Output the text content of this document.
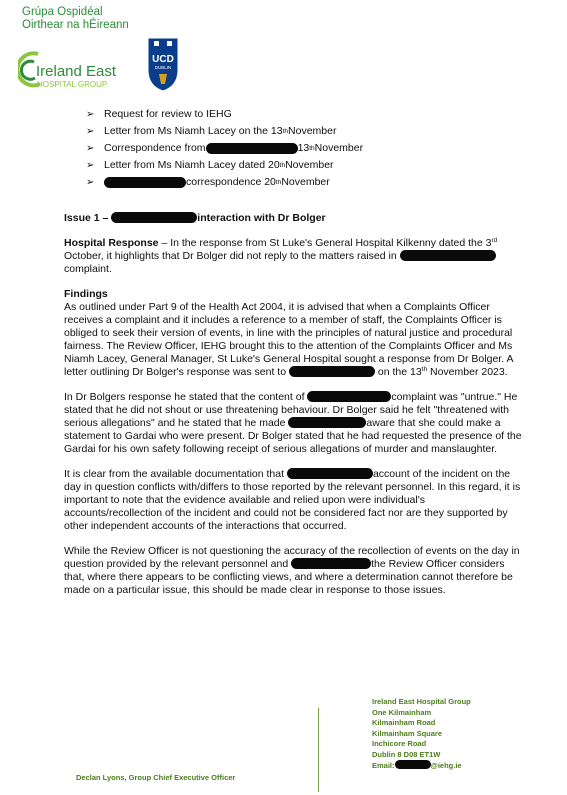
Grúpa Ospidéal
Oirthear na hÉireann
Ireland East
HOSPITAL GROUP
UCD
DUBLIN
➢ Request for review to IEHG
➢ Letter from Ms Niamh Lacey on the 13 th November
➢ Correspondence from	13 th November
➢ Letter from Ms Niamh Lacey dated 20 th November
➢	correspondence 20 th November

Issue 1 –	interaction with Dr Bolger

Hospital Response – In the response from St Luke's General Hospital Kilkenny dated the 3rd October, it highlights that Dr Bolger did not reply to the matters raised in  complaint.

Findings
As outlined under Part 9 of the Health Act 2004, it is advised that when a Complaints Officer receives a complaint and it includes a reference to a member of staff, the Complaints Officer is obliged to seek their version of events, in line with the principles of natural justice and procedural fairness. The Review Officer, IEHG brought this to the attention of the Complaints Officer and Ms Niamh Lacey, General Manager, St Luke's General Hospital sought a response from Dr Bolger. A letter outlining Dr Bolger's response was sent to	on the 13th November 2023.

In Dr Bolgers response he stated that the content of	complaint was "untrue." He stated that he did not shout or use threatening behaviour. Dr Bolger said he felt "threatened with serious allegations" and he stated that he made	aware that she could make a statement to Gardai who were present. Dr Bolger stated that he had requested the presence of the Gardai for his own safety following receipt of serious allegations of murder and manslaughter.

It is clear from the available documentation that	account of the incident on the day in question conflicts with/differs to those reported by the relevant personnel. In this regard, it is important to note that the evidence available and relied upon were individual's accounts/recollection of the incident and could not be considered fact nor are they supported by other independent accounts of the interactions that occurred.

While the Review Officer is not questioning the accuracy of the recollection of events on the day in question provided by the relevant personnel and	the Review Officer considers that, where there appears to be conflicting views, and where a determination cannot therefore be made on a particular issue, this should be made clear in response to those issues.

Ireland East Hospital Group
One Kilmainham
Kilmainham Road
Kilmainham Square
Inchicore Road
Dublin 8 D08 ET1W
Email:	@iehg.ie
Declan Lyons, Group Chief Executive Officer
